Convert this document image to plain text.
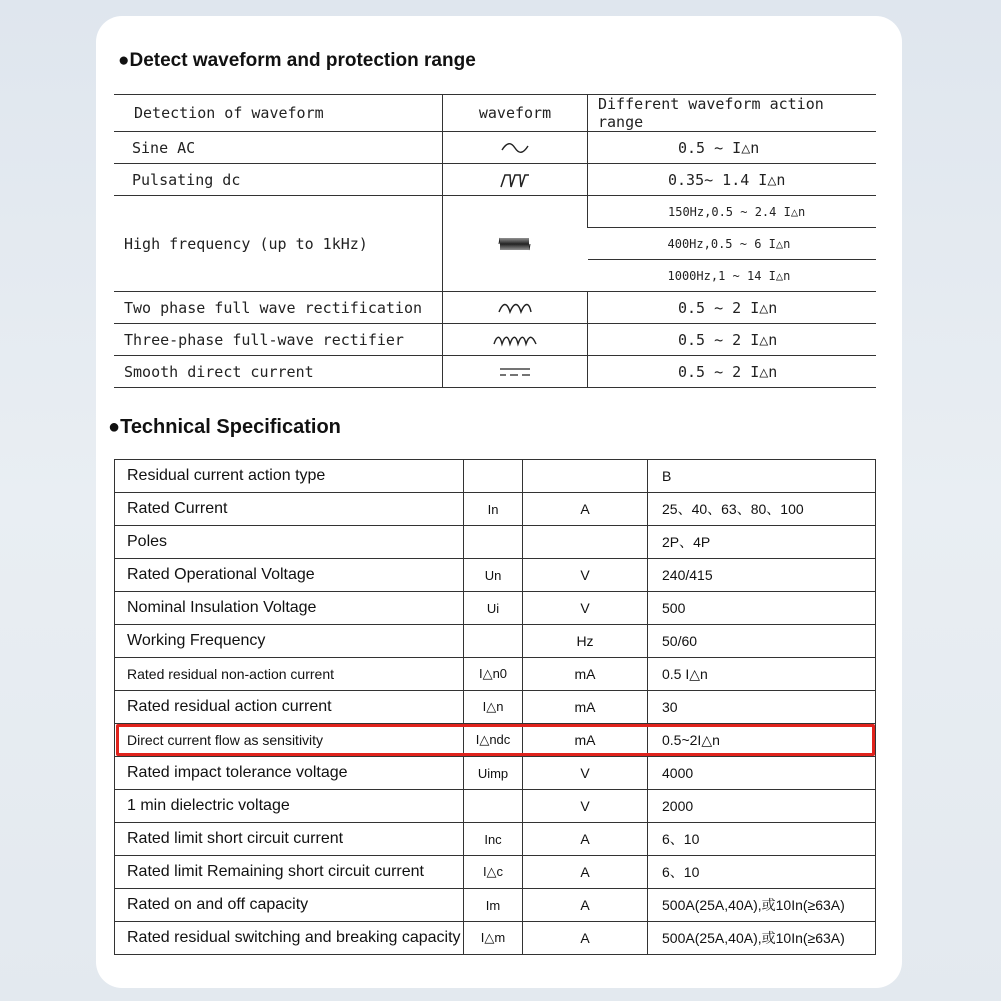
●Detect waveform and protection range
Detection of waveform	waveform	Different waveform action range
Sine AC		0.5 ~ I△n
Pulsating dc		0.35~ 1.4 I△n
High frequency (up to 1kHz)		150Hz,0.5 ~ 2.4 I△n
		400Hz,0.5 ~ 6 I△n
		1000Hz,1 ~ 14 I△n
Two phase full wave rectification		0.5 ~ 2 I△n
Three-phase full-wave rectifier		0.5 ~ 2 I△n
Smooth direct current		0.5 ~ 2 I△n
●Technical Specification
Residual current action type			B
Rated Current	In	A	25、40、63、80、100
Poles			2P、4P
Rated Operational Voltage	Un	V	240/415
Nominal Insulation Voltage	Ui	V	500
Working Frequency		Hz	50/60
Rated residual non-action current	I△n0	mA	0.5 I△n
Rated residual action current	I△n	mA	30
Direct current flow as sensitivity	I△ndc	mA	0.5~2I△n
Rated impact tolerance voltage	Uimp	V	4000
1 min dielectric voltage		V	2000
Rated limit short circuit current	Inc	A	6、10
Rated limit Remaining short circuit current	I△c	A	6、10
Rated on and off capacity	Im	A	500A(25A,40A),或10In(≥63A)
Rated residual switching and breaking capacity	I△m	A	500A(25A,40A),或10In(≥63A)
